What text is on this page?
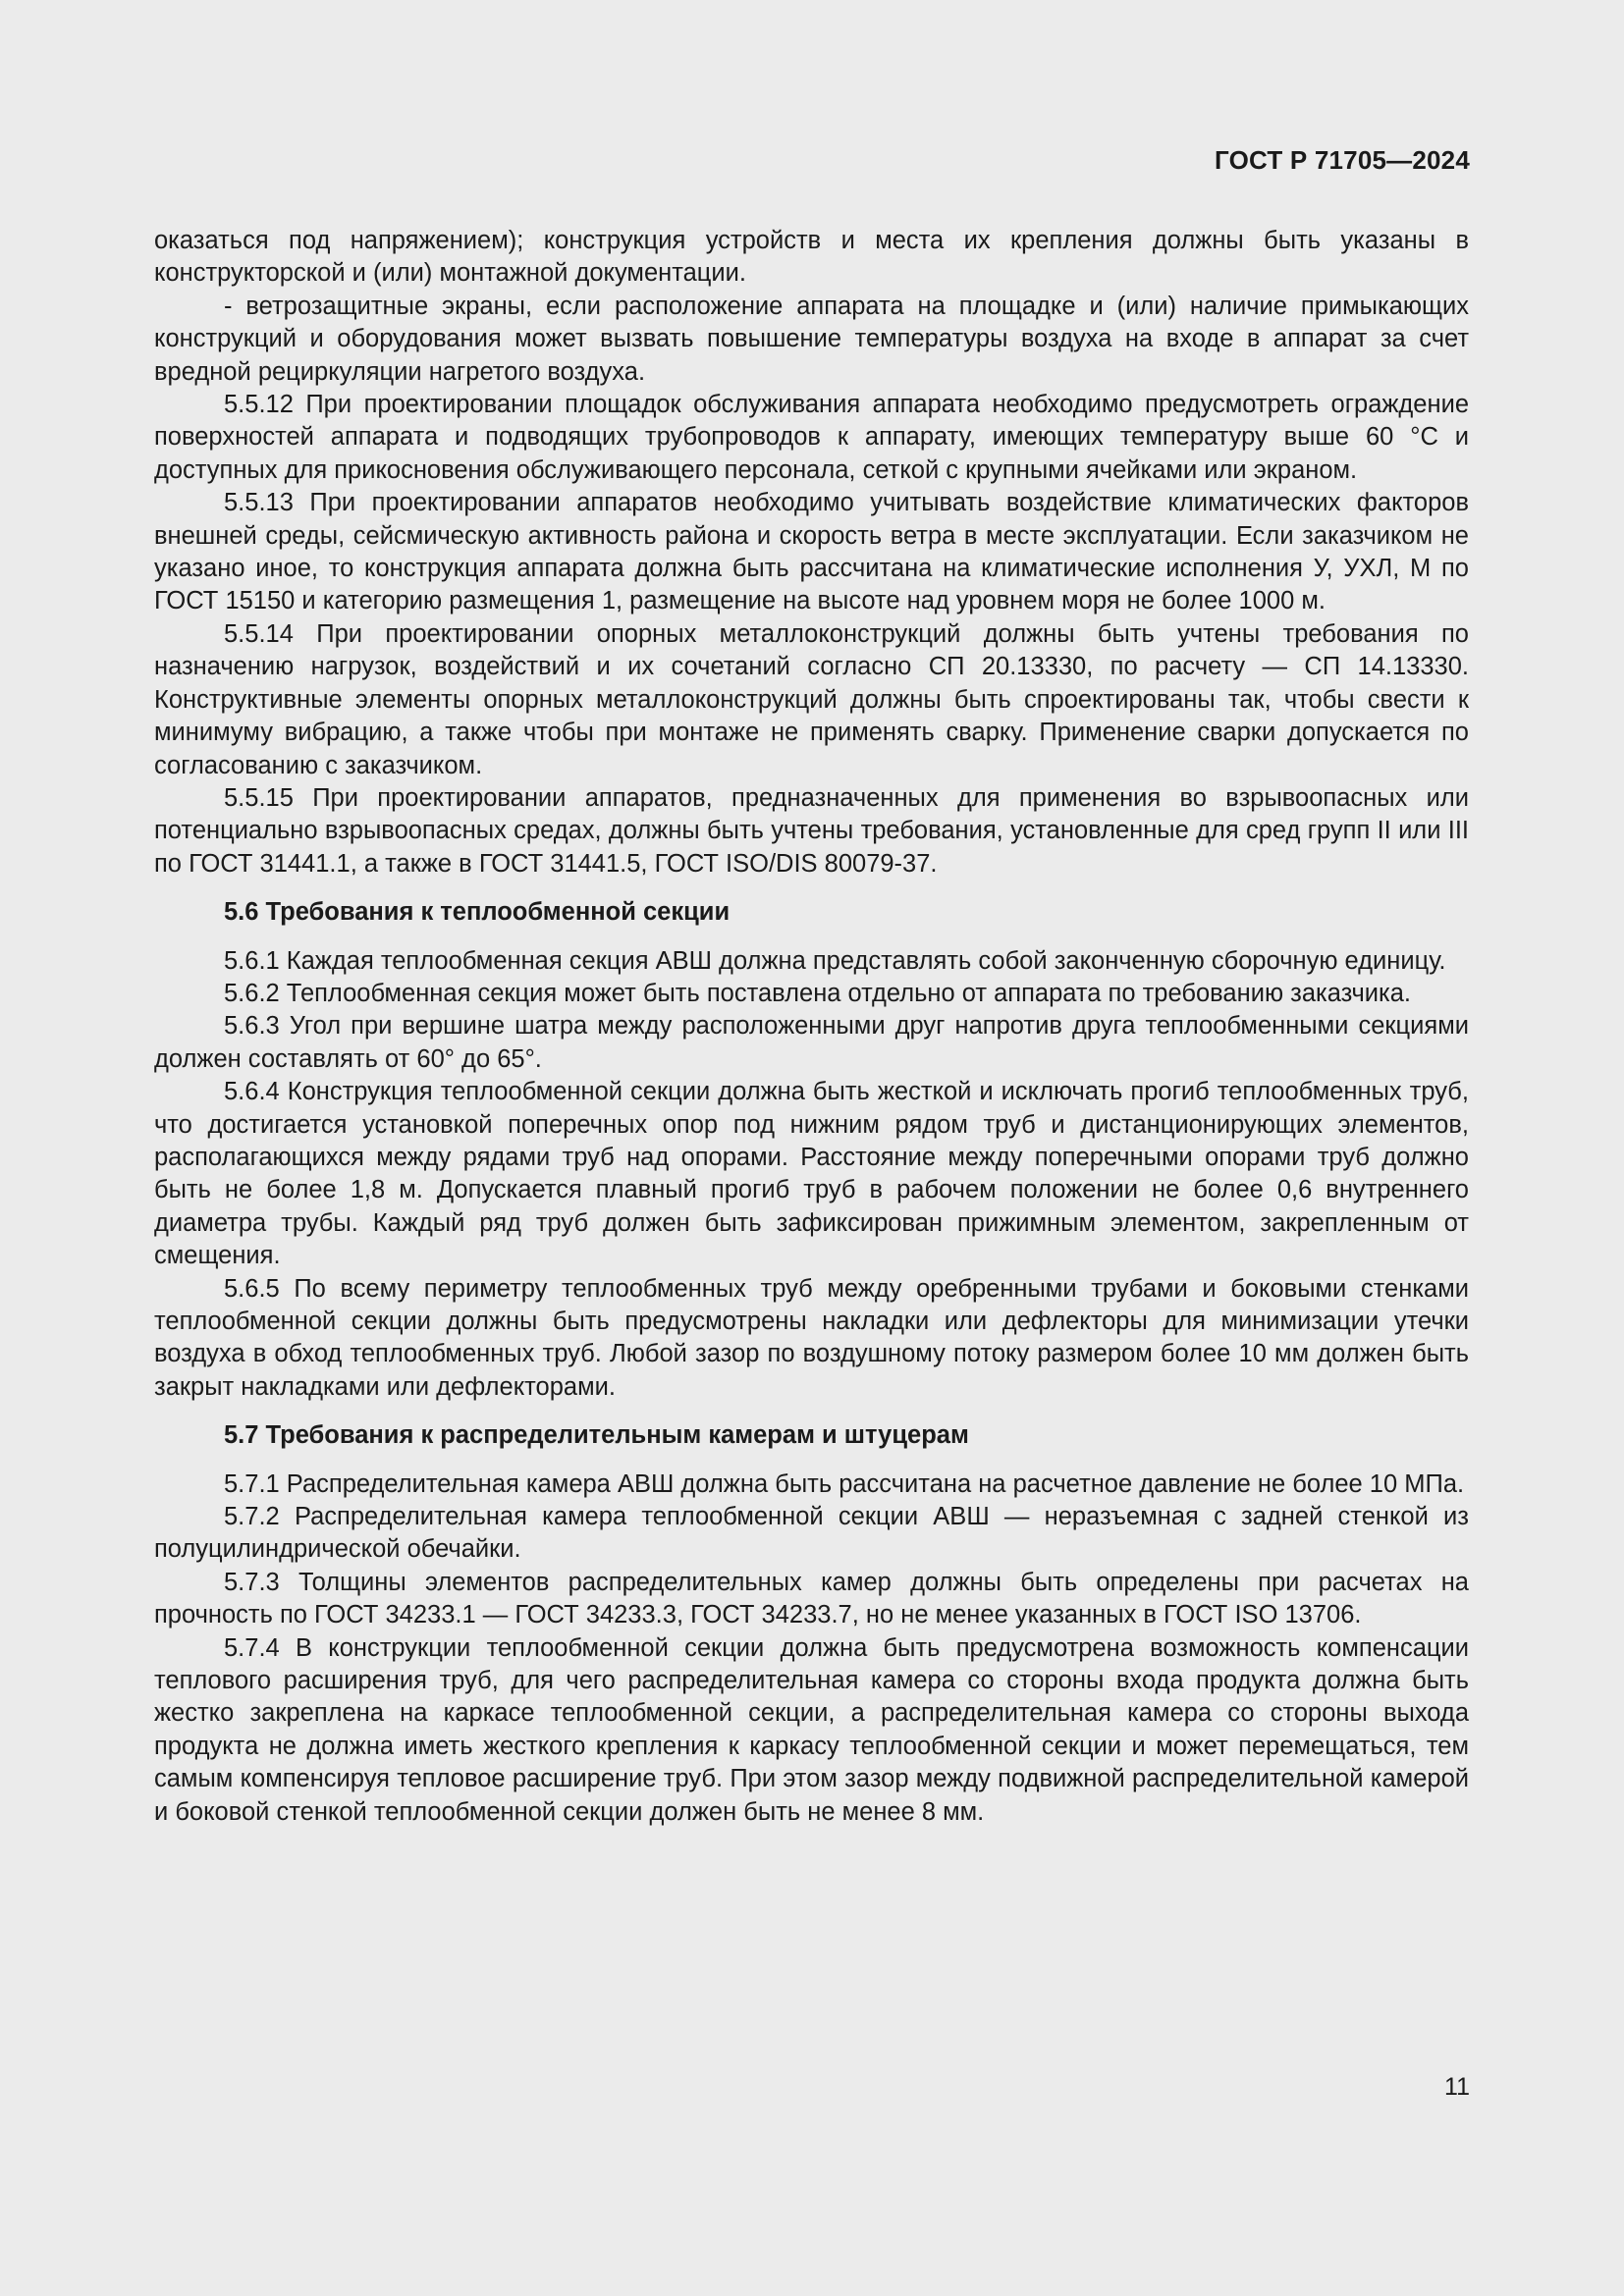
ГОСТ Р 71705—2024

оказаться под напряжением); конструкция устройств и места их крепления должны быть указаны в конструкторской и (или) монтажной документации.

- ветрозащитные экраны, если расположение аппарата на площадке и (или) наличие примыкающих конструкций и оборудования может вызвать повышение температуры воздуха на входе в аппарат за счет вредной рециркуляции нагретого воздуха.

5.5.12 При проектировании площадок обслуживания аппарата необходимо предусмотреть ограждение поверхностей аппарата и подводящих трубопроводов к аппарату, имеющих температуру выше 60 °С и доступных для прикосновения обслуживающего персонала, сеткой с крупными ячейками или экраном.

5.5.13 При проектировании аппаратов необходимо учитывать воздействие климатических факторов внешней среды, сейсмическую активность района и скорость ветра в месте эксплуатации. Если заказчиком не указано иное, то конструкция аппарата должна быть рассчитана на климатические исполнения У, УХЛ, М по ГОСТ 15150 и категорию размещения 1, размещение на высоте над уровнем моря не более 1000 м.

5.5.14 При проектировании опорных металлоконструкций должны быть учтены требования по назначению нагрузок, воздействий и их сочетаний согласно СП 20.13330, по расчету — СП 14.13330. Конструктивные элементы опорных металлоконструкций должны быть спроектированы так, чтобы свести к минимуму вибрацию, а также чтобы при монтаже не применять сварку. Применение сварки допускается по согласованию с заказчиком.

5.5.15 При проектировании аппаратов, предназначенных для применения во взрывоопасных или потенциально взрывоопасных средах, должны быть учтены требования, установленные для сред групп II или III по ГОСТ 31441.1, а также в ГОСТ 31441.5, ГОСТ ISO/DIS 80079-37.

5.6 Требования к теплообменной секции

5.6.1 Каждая теплообменная секция АВШ должна представлять собой законченную сборочную единицу.

5.6.2 Теплообменная секция может быть поставлена отдельно от аппарата по требованию заказчика.

5.6.3 Угол при вершине шатра между расположенными друг напротив друга теплообменными секциями должен составлять от 60° до 65°.

5.6.4 Конструкция теплообменной секции должна быть жесткой и исключать прогиб теплообменных труб, что достигается установкой поперечных опор под нижним рядом труб и дистанционирующих элементов, располагающихся между рядами труб над опорами. Расстояние между поперечными опорами труб должно быть не более 1,8 м. Допускается плавный прогиб труб в рабочем положении не более 0,6 внутреннего диаметра трубы. Каждый ряд труб должен быть зафиксирован прижимным элементом, закрепленным от смещения.

5.6.5 По всему периметру теплообменных труб между оребренными трубами и боковыми стенками теплообменной секции должны быть предусмотрены накладки или дефлекторы для минимизации утечки воздуха в обход теплообменных труб. Любой зазор по воздушному потоку размером более 10 мм должен быть закрыт накладками или дефлекторами.

5.7 Требования к распределительным камерам и штуцерам

5.7.1 Распределительная камера АВШ должна быть рассчитана на расчетное давление не более 10 МПа.

5.7.2 Распределительная камера теплообменной секции АВШ — неразъемная с задней стенкой из полуцилиндрической обечайки.

5.7.3 Толщины элементов распределительных камер должны быть определены при расчетах на прочность по ГОСТ 34233.1 — ГОСТ 34233.3, ГОСТ 34233.7, но не менее указанных в ГОСТ ISO 13706.

5.7.4 В конструкции теплообменной секции должна быть предусмотрена возможность компенсации теплового расширения труб, для чего распределительная камера со стороны входа продукта должна быть жестко закреплена на каркасе теплообменной секции, а распределительная камера со стороны выхода продукта не должна иметь жесткого крепления к каркасу теплообменной секции и может перемещаться, тем самым компенсируя тепловое расширение труб. При этом зазор между подвижной распределительной камерой и боковой стенкой теплообменной секции должен быть не менее 8 мм.

11
